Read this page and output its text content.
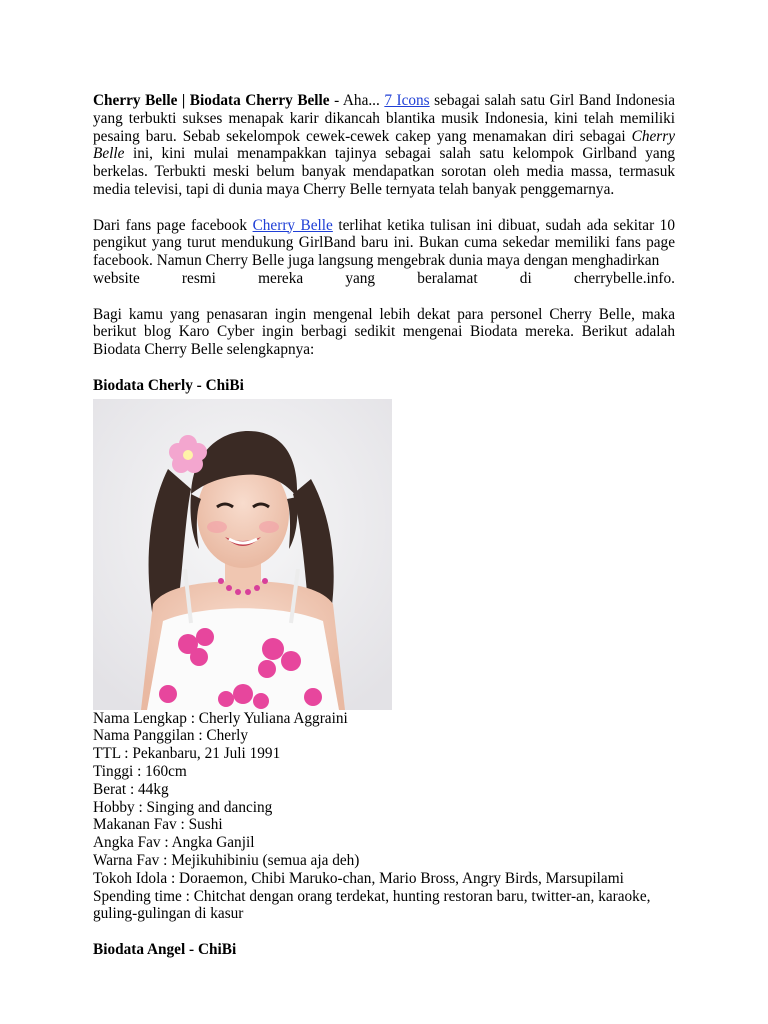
Cherry Belle | Biodata Cherry Belle - Aha... 7 Icons sebagai salah satu Girl Band Indonesia yang terbukti sukses menapak karir dikancah blantika musik Indonesia, kini telah memiliki pesaing baru. Sebab sekelompok cewek-cewek cakep yang menamakan diri sebagai Cherry Belle ini, kini mulai menampakkan tajinya sebagai salah satu kelompok Girlband yang berkelas. Terbukti meski belum banyak mendapatkan sorotan oleh media massa, termasuk media televisi, tapi di dunia maya Cherry Belle ternyata telah banyak penggemarnya.

Dari fans page facebook Cherry Belle terlihat ketika tulisan ini dibuat, sudah ada sekitar 10 pengikut yang turut mendukung GirlBand baru ini. Bukan cuma sekedar memiliki fans page facebook. Namun Cherry Belle juga langsung mengebrak dunia maya dengan menghadirkan

website resmi mereka yang beralamat di cherrybelle.info.

Bagi kamu yang penasaran ingin mengenal lebih dekat para personel Cherry Belle, maka berikut blog Karo Cyber ingin berbagi sedikit mengenai Biodata mereka. Berikut adalah Biodata Cherry Belle selengkapnya:

Biodata Cherly - ChiBi

Nama Lengkap : Cherly Yuliana Aggraini

Nama Panggilan : Cherly

TTL : Pekanbaru, 21 Juli 1991

Tinggi : 160cm

Berat : 44kg

Hobby : Singing and dancing

Makanan Fav : Sushi

Angka Fav : Angka Ganjil

Warna Fav : Mejikuhibiniu (semua aja deh)

Tokoh Idola : Doraemon, Chibi Maruko-chan, Mario Bross, Angry Birds, Marsupilami

Spending time : Chitchat dengan orang terdekat, hunting restoran baru, twitter-an, karaoke, guling-gulingan di kasur

Biodata Angel - ChiBi
